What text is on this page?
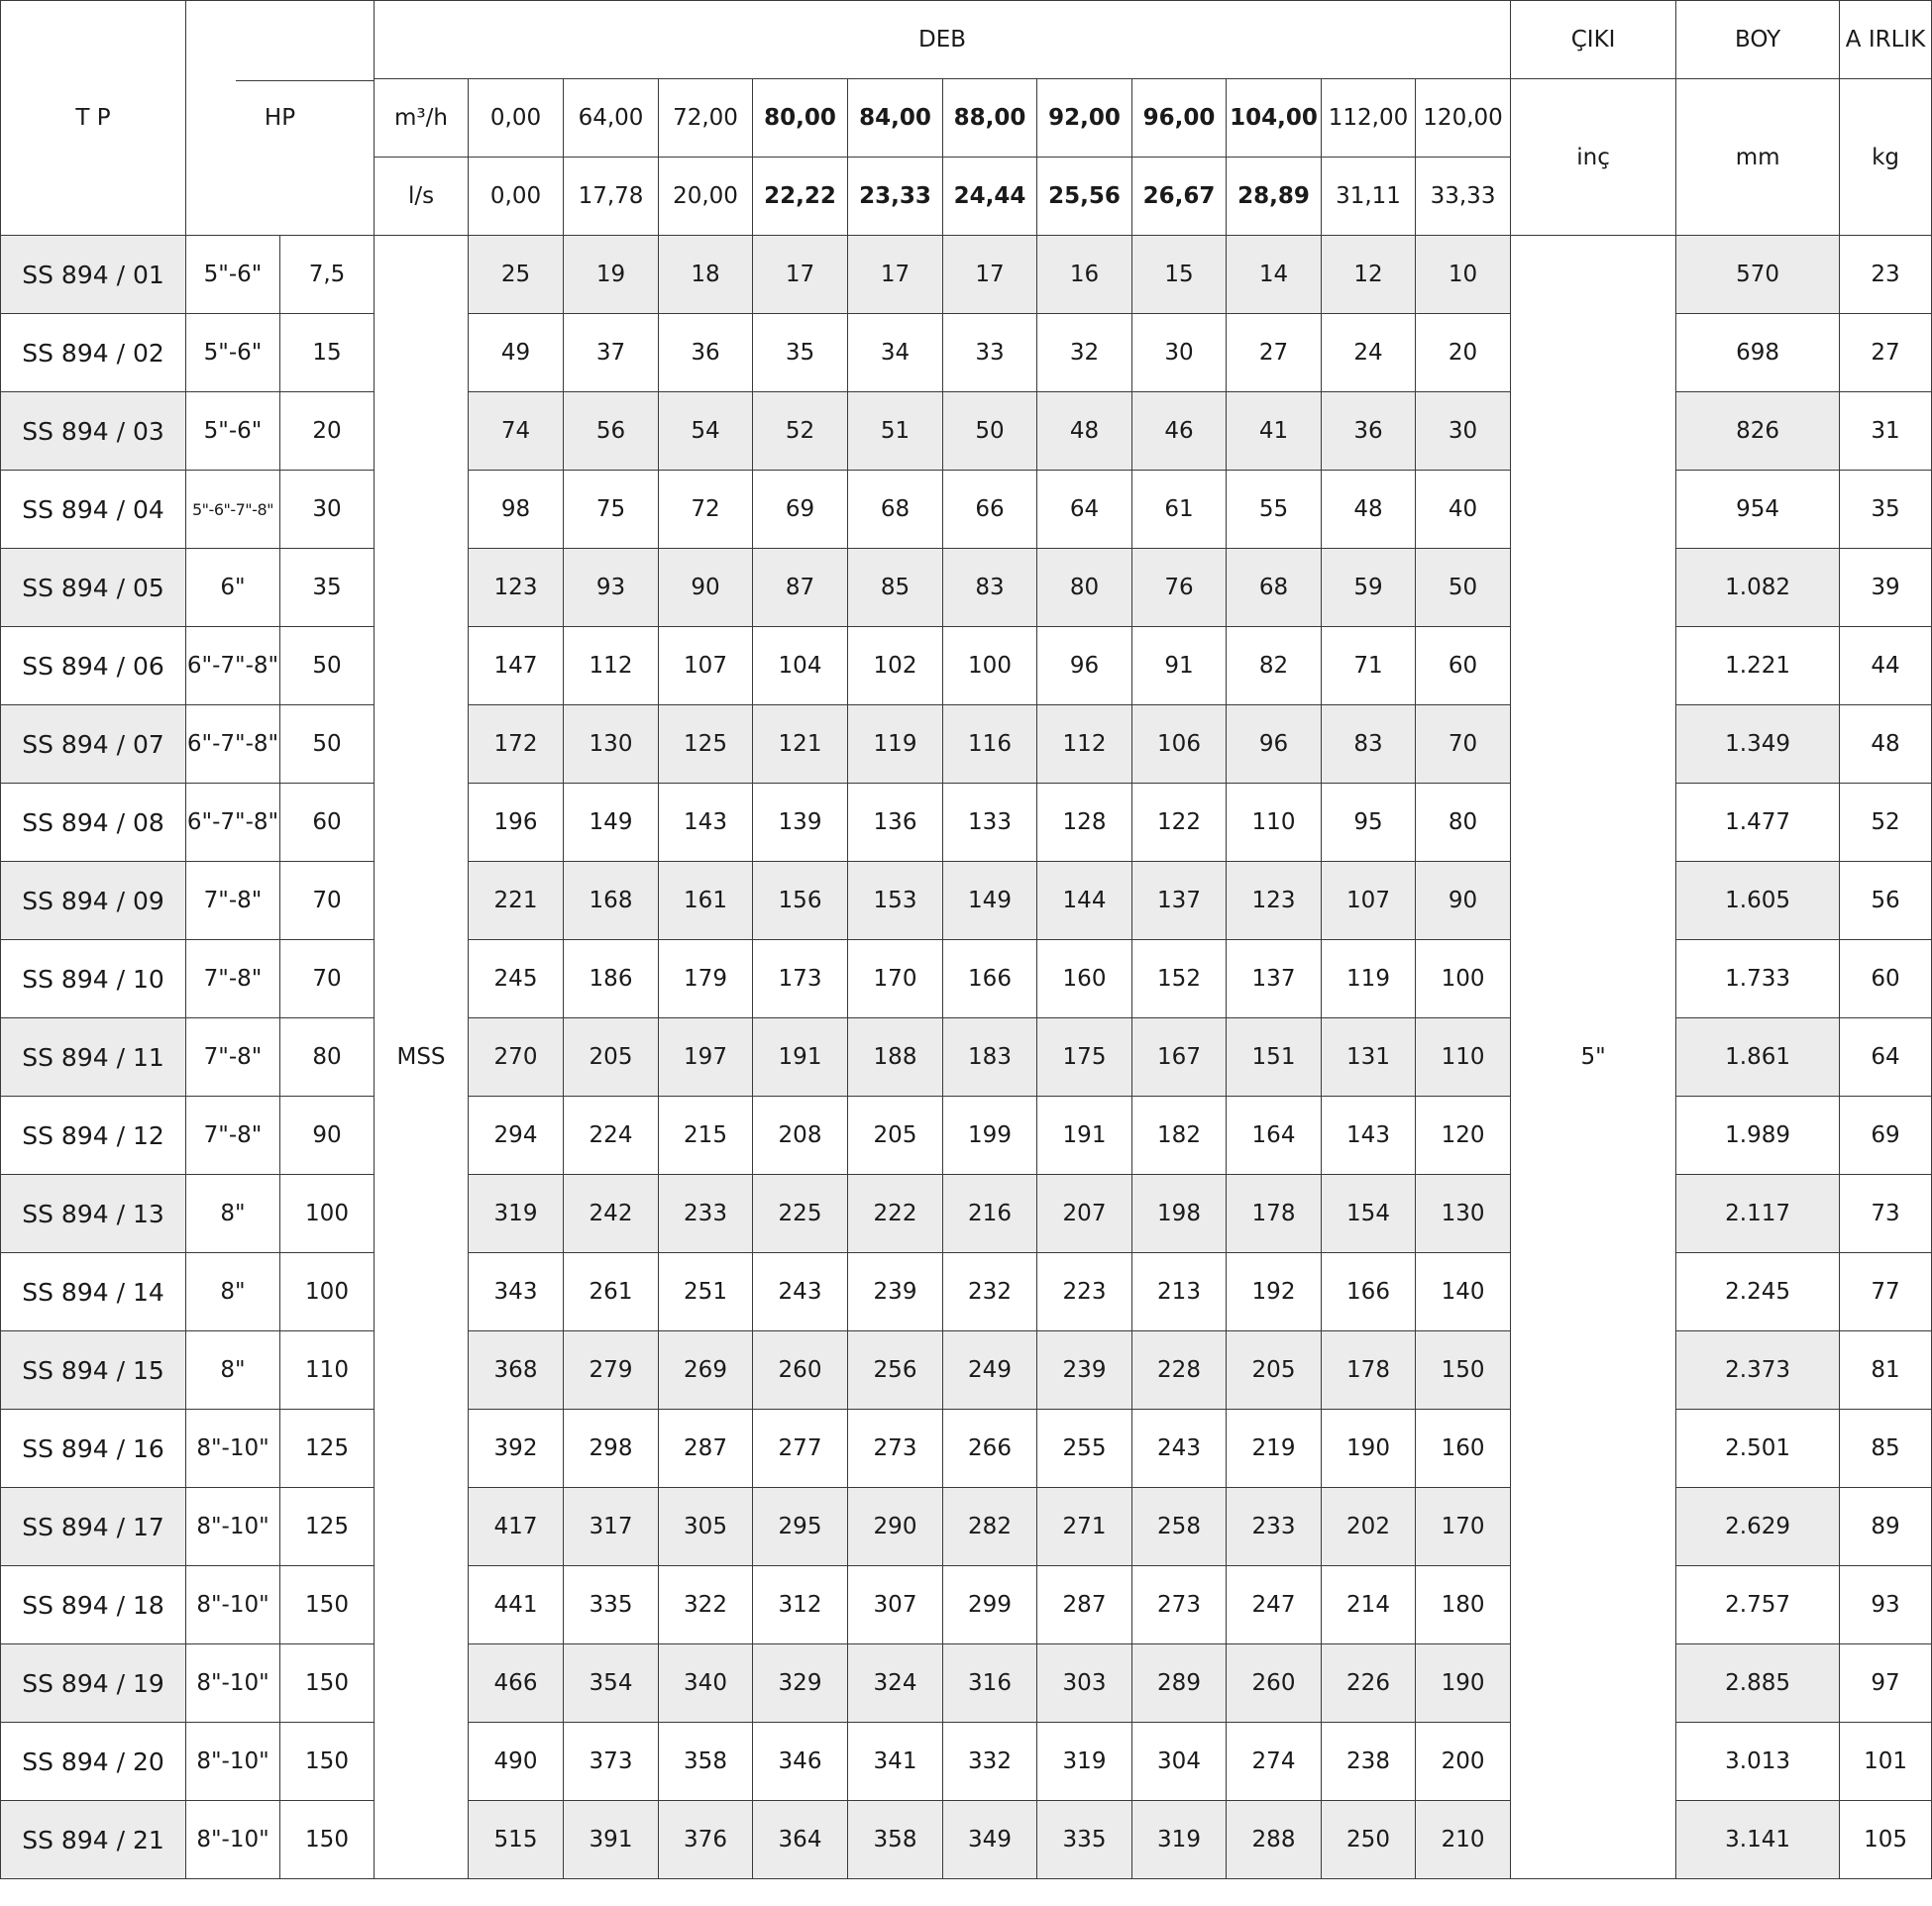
T P	HP		DEB												ÇIKI	BOY	A IRLIK
			m³/h	0,00	64,00	72,00	80,00	84,00	88,00	92,00	96,00	104,00	112,00	120,00	inç	mm	kg
			l/s	0,00	17,78	20,00	22,22	23,33	24,44	25,56	26,67	28,89	31,11	33,33			
SS 894 / 01	5"-6"	7,5	MSS	25	19	18	17	17	17	16	15	14	12	10	5"	570	23
SS 894 / 02	5"-6"	15		49	37	36	35	34	33	32	30	27	24	20		698	27
SS 894 / 03	5"-6"	20		74	56	54	52	51	50	48	46	41	36	30		826	31
SS 894 / 04	5"-6"-7"-8"	30		98	75	72	69	68	66	64	61	55	48	40		954	35
SS 894 / 05	6"	35		123	93	90	87	85	83	80	76	68	59	50		1.082	39
SS 894 / 06	6"-7"-8"	50		147	112	107	104	102	100	96	91	82	71	60		1.221	44
SS 894 / 07	6"-7"-8"	50		172	130	125	121	119	116	112	106	96	83	70		1.349	48
SS 894 / 08	6"-7"-8"	60		196	149	143	139	136	133	128	122	110	95	80		1.477	52
SS 894 / 09	7"-8"	70		221	168	161	156	153	149	144	137	123	107	90		1.605	56
SS 894 / 10	7"-8"	70		245	186	179	173	170	166	160	152	137	119	100		1.733	60
SS 894 / 11	7"-8"	80		270	205	197	191	188	183	175	167	151	131	110		1.861	64
SS 894 / 12	7"-8"	90		294	224	215	208	205	199	191	182	164	143	120		1.989	69
SS 894 / 13	8"	100		319	242	233	225	222	216	207	198	178	154	130		2.117	73
SS 894 / 14	8"	100		343	261	251	243	239	232	223	213	192	166	140		2.245	77
SS 894 / 15	8"	110		368	279	269	260	256	249	239	228	205	178	150		2.373	81
SS 894 / 16	8"-10"	125		392	298	287	277	273	266	255	243	219	190	160		2.501	85
SS 894 / 17	8"-10"	125		417	317	305	295	290	282	271	258	233	202	170		2.629	89
SS 894 / 18	8"-10"	150		441	335	322	312	307	299	287	273	247	214	180		2.757	93
SS 894 / 19	8"-10"	150		466	354	340	329	324	316	303	289	260	226	190		2.885	97
SS 894 / 20	8"-10"	150		490	373	358	346	341	332	319	304	274	238	200		3.013	101
SS 894 / 21	8"-10"	150		515	391	376	364	358	349	335	319	288	250	210		3.141	105
